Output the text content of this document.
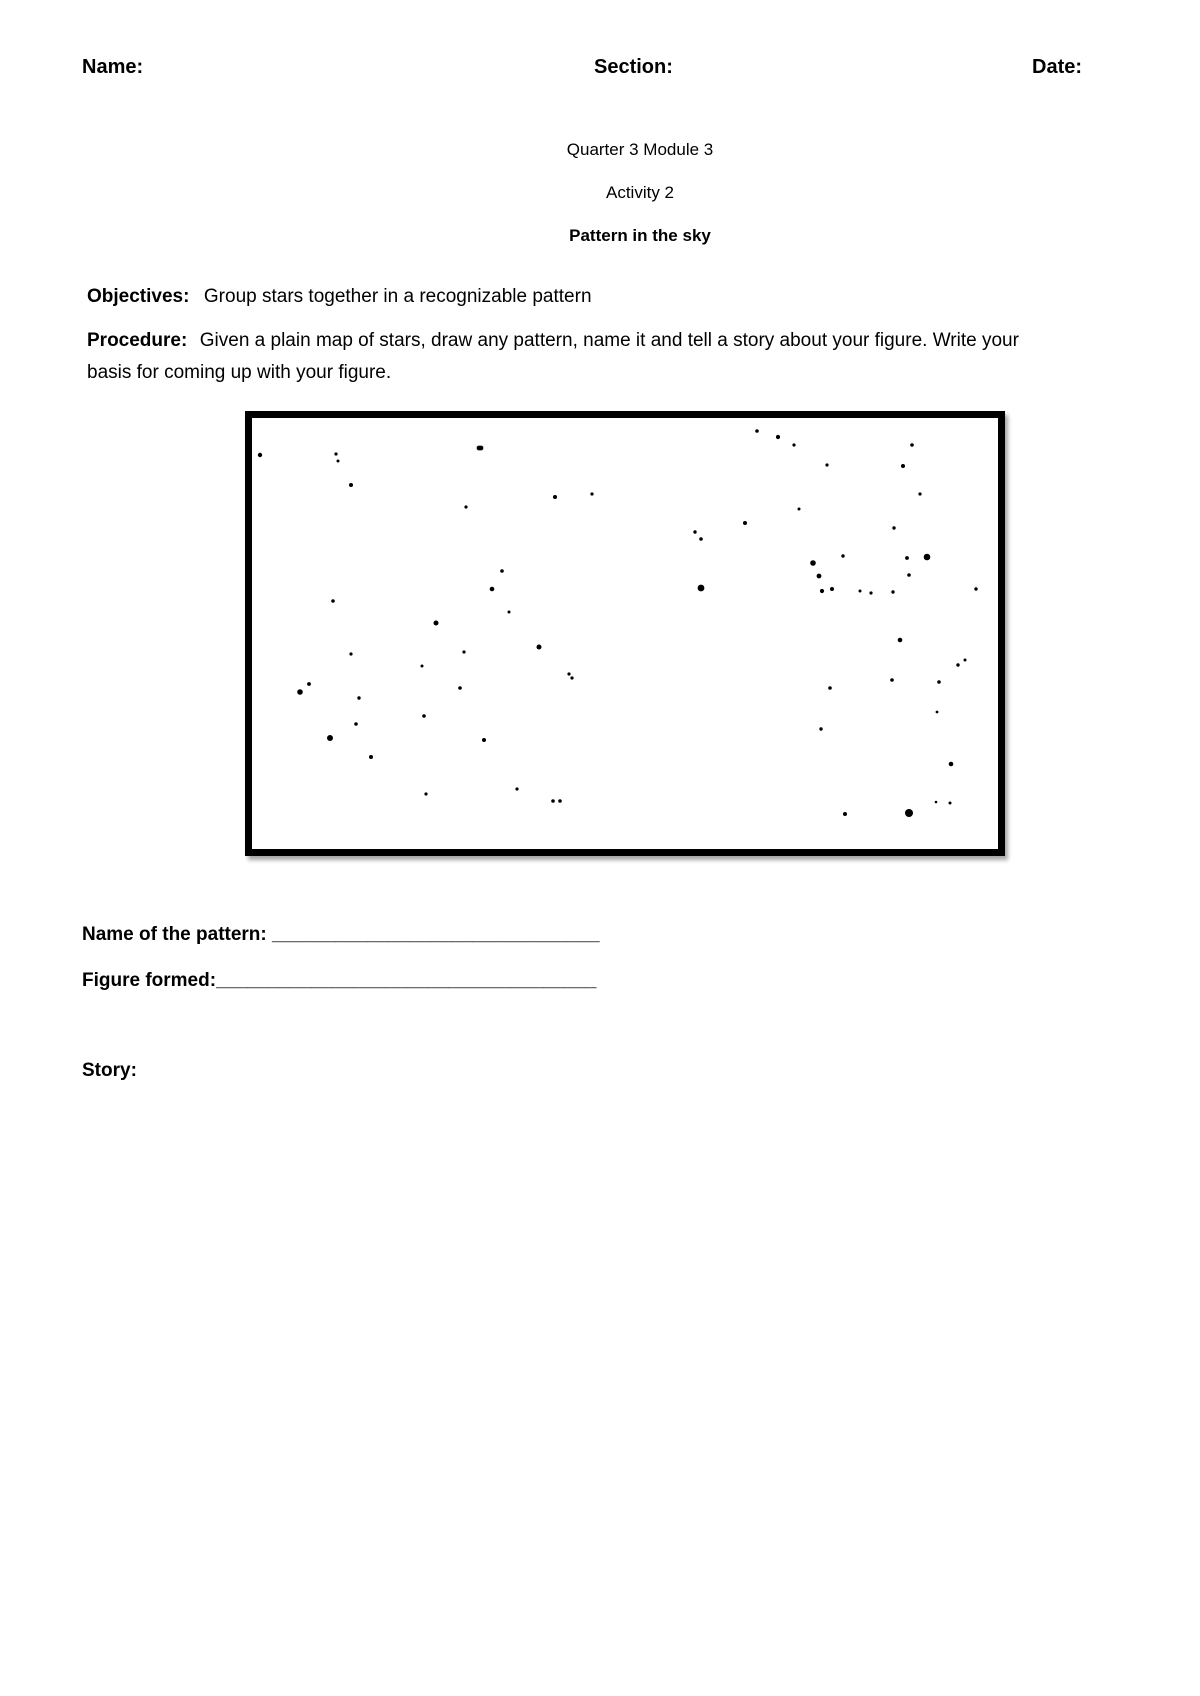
Name:	Section:	Date:
Quarter 3 Module 3
Activity 2
Pattern in the sky
Objectives: Group stars together in a recognizable pattern
Procedure: Given a plain map of stars, draw any pattern, name it and tell a story about your figure. Write your
basis for coming up with your figure.
Name of the pattern: _______________________________
Figure formed:____________________________________
Story:
